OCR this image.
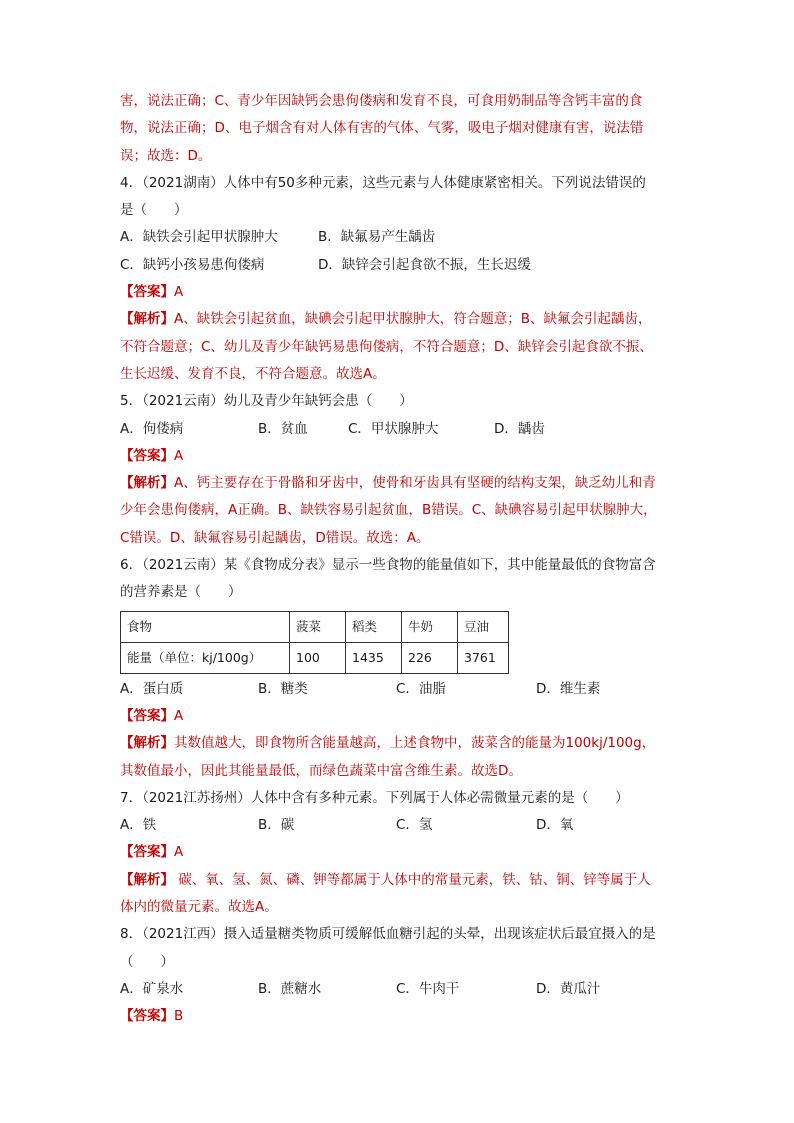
害，说法正确；C、青少年因缺钙会患佝偻病和发育不良，可食用奶制品等含钙丰富的食
物，说法正确；D、电子烟含有对人体有害的气体、气雾，吸电子烟对健康有害，说法错
误；故选：D。
4．（2021湖南）人体中有50多种元素，这些元素与人体健康紧密相关。下列说法错误的
是（　　）
A．缺铁会引起甲状腺肿大	B．缺氟易产生龋齿
C．缺钙小孩易患佝偻病	D．缺锌会引起食欲不振，生长迟缓
【答案】A
【解析】A、缺铁会引起贫血，缺碘会引起甲状腺肿大，符合题意；B、缺氟会引起龋齿，
不符合题意；C、幼儿及青少年缺钙易患佝偻病，不符合题意；D、缺锌会引起食欲不振、
生长迟缓、发育不良，不符合题意。故选A。
5．（2021云南）幼儿及青少年缺钙会患（　　）
A．佝偻病	B．贫血	C．甲状腺肿大	D．龋齿
【答案】A
【解析】A、钙主要存在于骨骼和牙齿中，使骨和牙齿具有坚硬的结构支架，缺乏幼儿和青
少年会患佝偻病，A正确。B、缺铁容易引起贫血，B错误。C、缺碘容易引起甲状腺肿大，
C错误。D、缺氟容易引起龋齿，D错误。故选：A。
6．（2021云南）某《食物成分表》显示一些食物的能量值如下，其中能量最低的食物富含
的营养素是（　　）
食物	菠菜	稻类	牛奶	豆油
能量（单位：kj/100g）	100	1435	226	3761
A．蛋白质	B．糖类	C．油脂	D．维生素
【答案】A
【解析】其数值越大，即食物所含能量越高，上述食物中，菠菜含的能量为100kj/100g，
其数值最小，因此其能量最低，而绿色蔬菜中富含维生素。故选D。
7．（2021江苏扬州）人体中含有多种元素。下列属于人体必需微量元素的是（　　）
A．铁	B．碳	C．氢	D．氧
【答案】A
【解析】 碳、氧、氢、氮、磷、钾等都属于人体中的常量元素，铁、钴、铜、锌等属于人
体内的微量元素。故选A。
8．（2021江西）摄入适量糖类物质可缓解低血糖引起的头晕，出现该症状后最宜摄入的是
（　　）
A．矿泉水	B．蔗糖水	C．牛肉干	D．黄瓜汁
【答案】B
